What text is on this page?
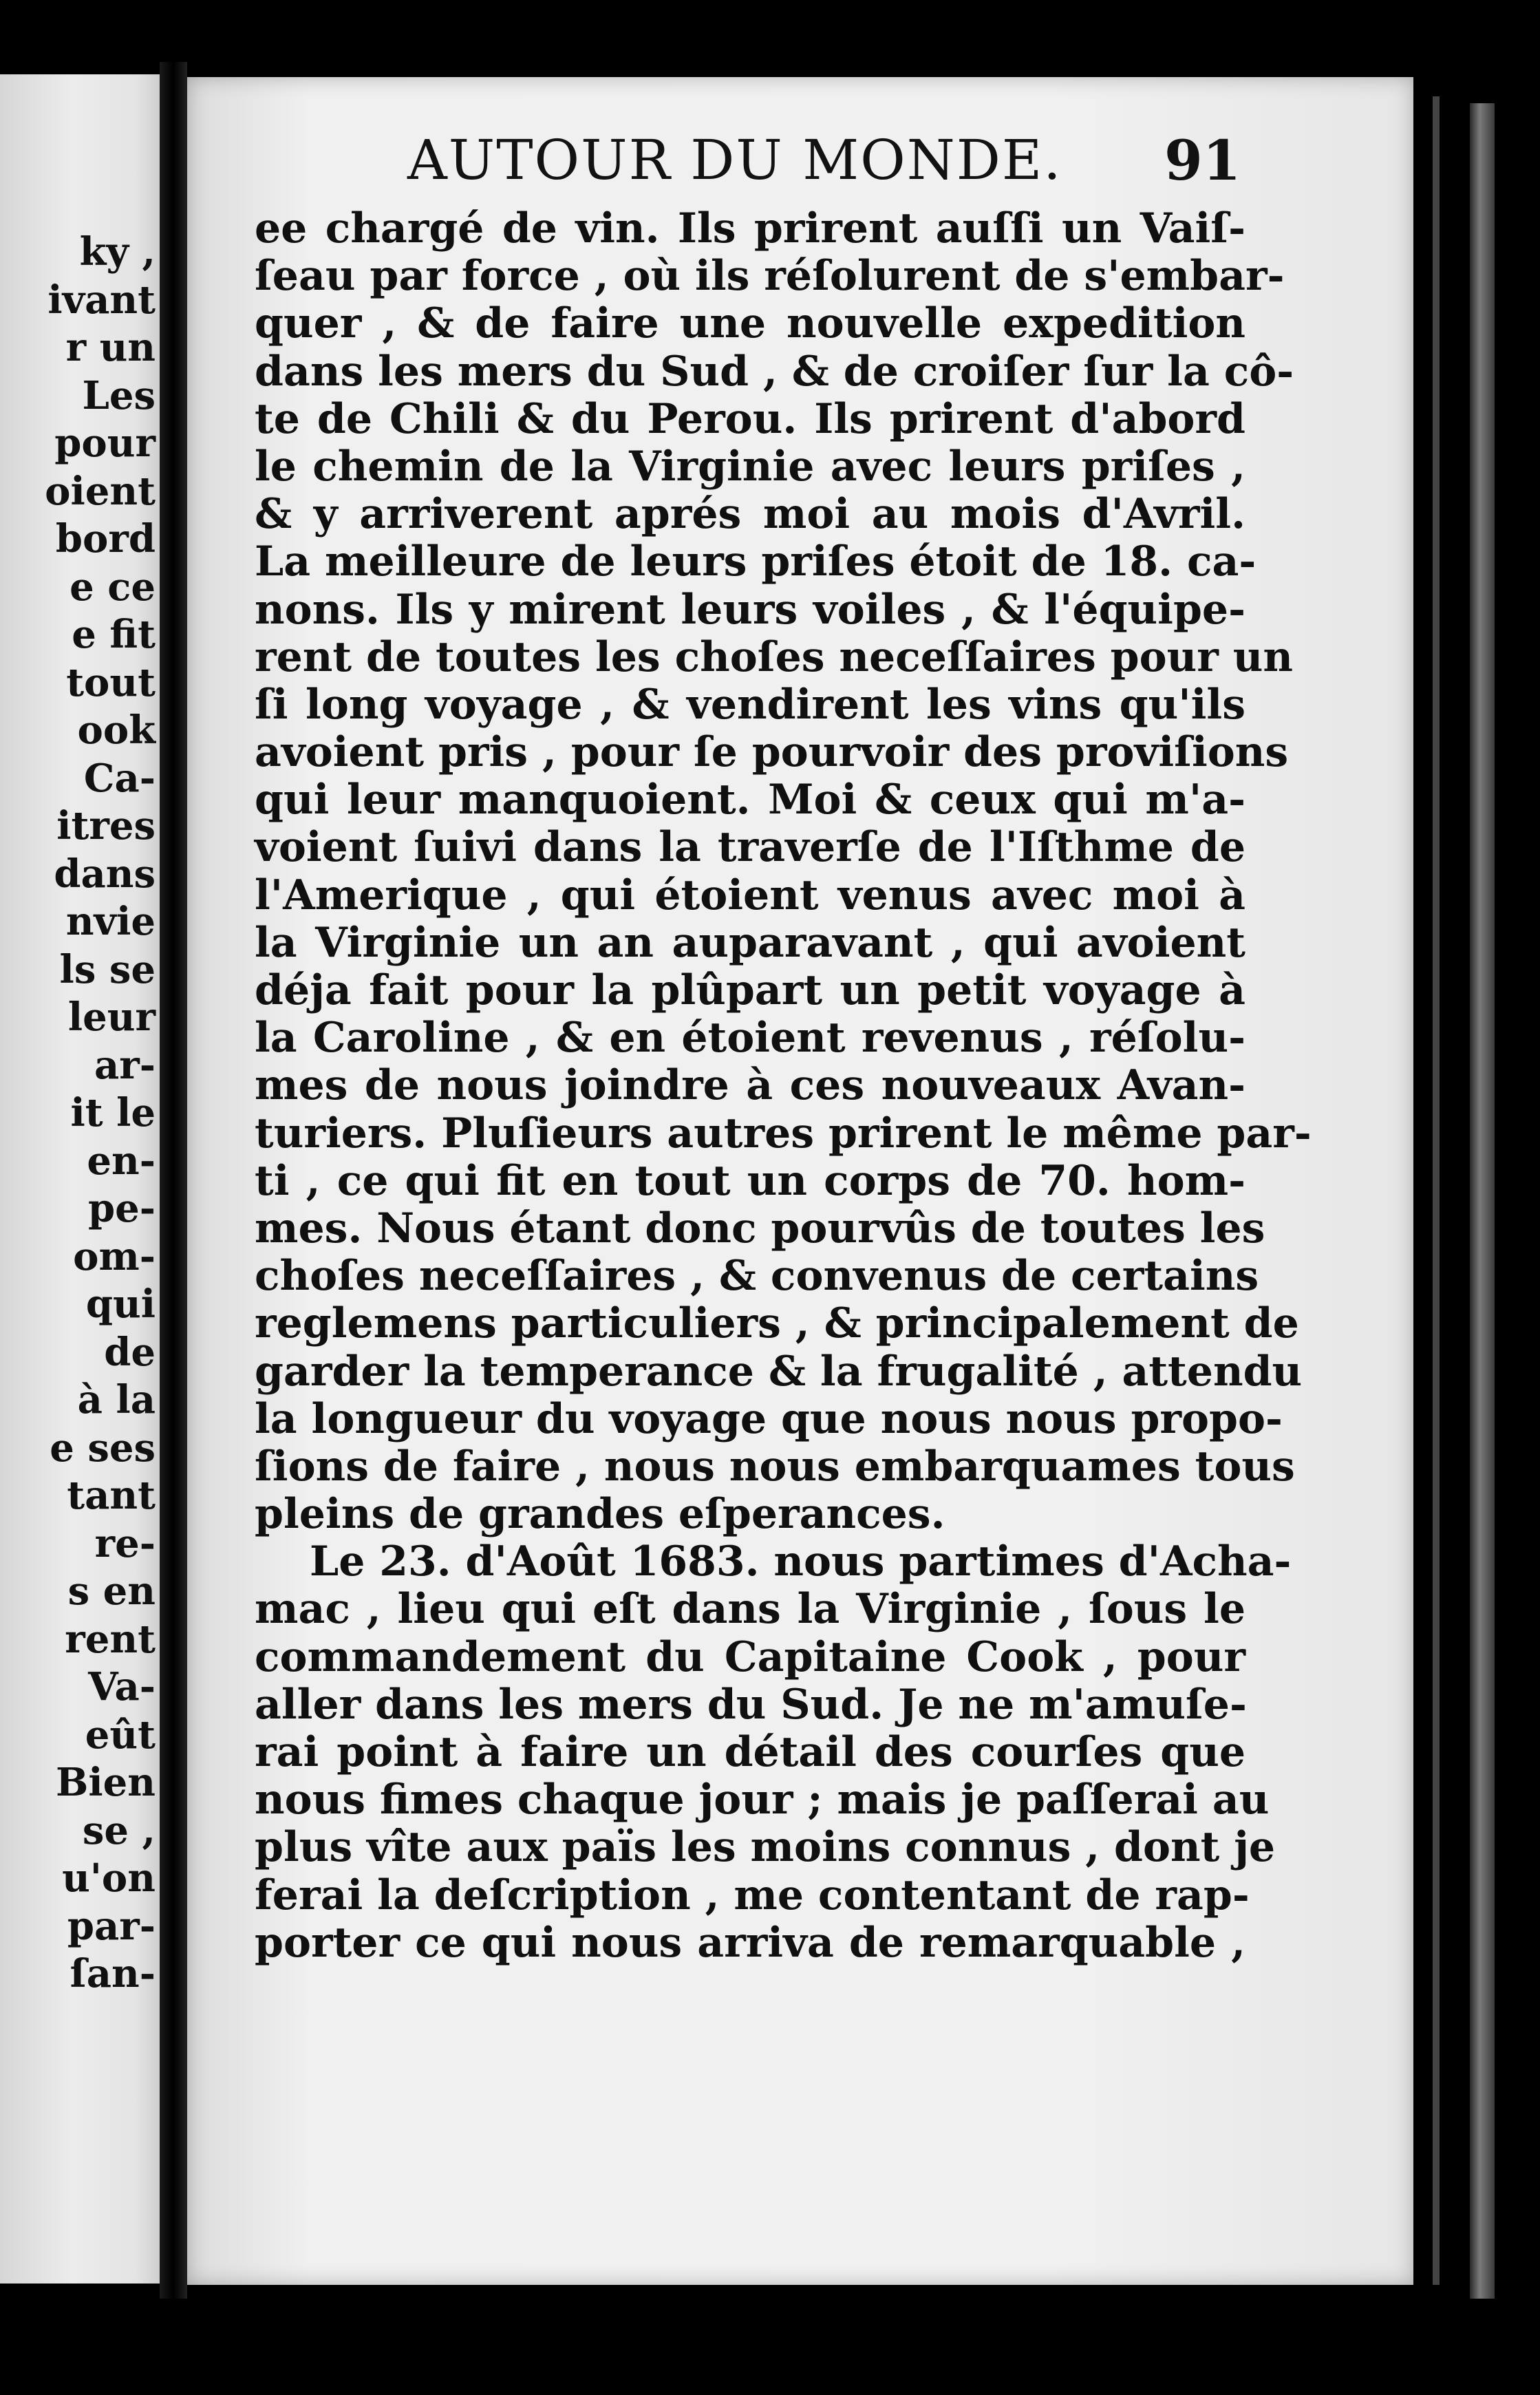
ky ,
ivant
r un
Les
pour
oient
bord
e ce
e fit
tout
ook
Ca-
itres
dans
nvie
ls se
leur
ar-
it le
en-
pe-
om-
qui
de
à la
e ses
tant
re-
s en
rent
Va-
eût
Bien
se ,
u'on
par-
ſan-
AUTOUR DU MONDE. 91
ee chargé de vin. Ils prirent auſſi un Vaiſ-
ſeau par force , où ils réſolurent de s'embar-
quer , & de faire une nouvelle expedition
dans les mers du Sud , & de croiſer ſur la cô-
te de Chili & du Perou. Ils prirent d'abord
le chemin de la Virginie avec leurs priſes ,
& y arriverent aprés moi au mois d'Avril.
La meilleure de leurs priſes étoit de 18. ca-
nons. Ils y mirent leurs voiles , & l'équipe-
rent de toutes les choſes neceſſaires pour un
ſi long voyage , & vendirent les vins qu'ils
avoient pris , pour ſe pourvoir des proviſions
qui leur manquoient. Moi & ceux qui m'a-
voient ſuivi dans la traverſe de l'Iſthme de
l'Amerique , qui étoient venus avec moi à
la Virginie un an auparavant , qui avoient
déja fait pour la plûpart un petit voyage à
la Caroline , & en étoient revenus , réſolu-
mes de nous joindre à ces nouveaux Avan-
turiers. Pluſieurs autres prirent le même par-
ti , ce qui fit en tout un corps de 70. hom-
mes. Nous étant donc pourvûs de toutes les
choſes neceſſaires , & convenus de certains
reglemens particuliers , & principalement de
garder la temperance & la frugalité , attendu
la longueur du voyage que nous nous propo-
ſions de faire , nous nous embarquames tous
pleins de grandes eſperances.
Le 23. d'Août 1683. nous partimes d'Acha-
mac , lieu qui eſt dans la Virginie , ſous le
commandement du Capitaine Cook , pour
aller dans les mers du Sud. Je ne m'amuſe-
rai point à faire un détail des courſes que
nous fimes chaque jour ; mais je paſſerai au
plus vîte aux païs les moins connus , dont je
ferai la deſcription , me contentant de rap-
porter ce qui nous arriva de remarquable ,
